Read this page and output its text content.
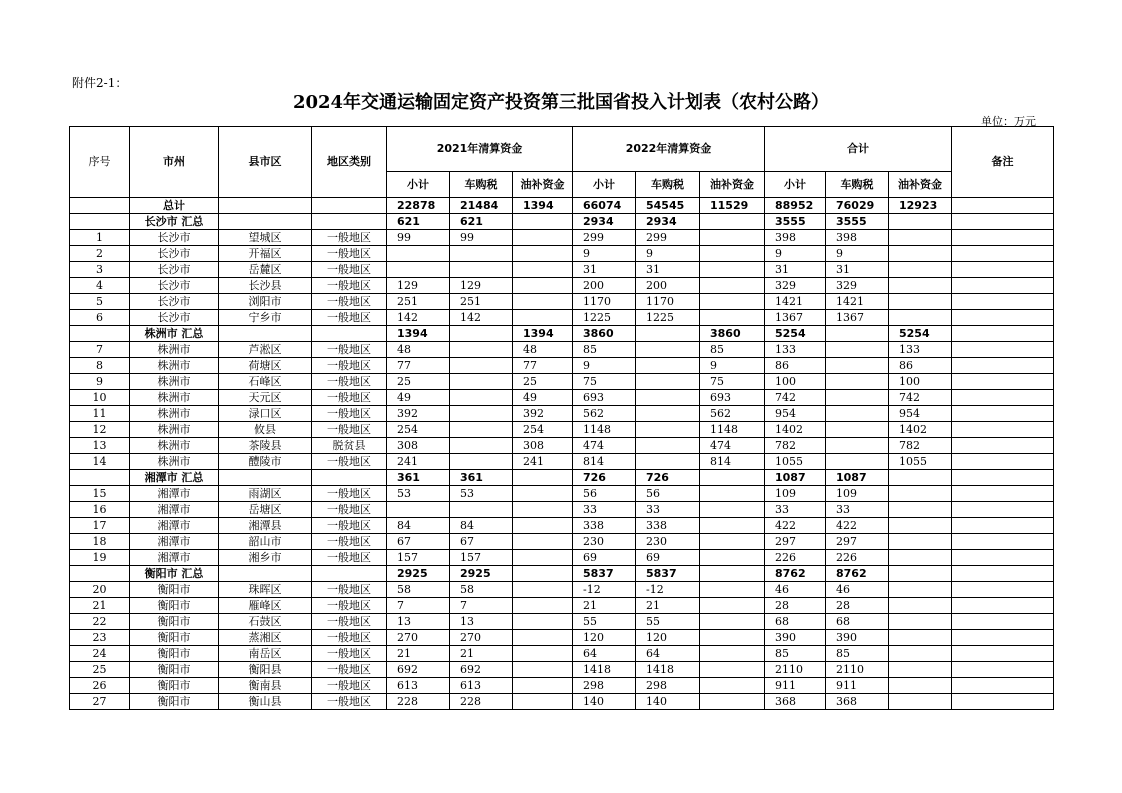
附件2-1：
2024年交通运输固定资产投资第三批国省投入计划表（农村公路）
单位：万元
序号	市州	县市区	地区类别	2021年清算资金			2022年清算资金			合计			备注
				小计	车购税	油补资金	小计	车购税	油补资金	小计	车购税	油补资金	
	总计			22878	21484	1394	66074	54545	11529	88952	76029	12923	
	长沙市 汇总			621	621		2934	2934		3555	3555		
1	长沙市	望城区	一般地区	99	99		299	299		398	398		
2	长沙市	开福区	一般地区				9	9		9	9		
3	长沙市	岳麓区	一般地区				31	31		31	31		
4	长沙市	长沙县	一般地区	129	129		200	200		329	329		
5	长沙市	浏阳市	一般地区	251	251		1170	1170		1421	1421		
6	长沙市	宁乡市	一般地区	142	142		1225	1225		1367	1367		
	株洲市 汇总			1394		1394	3860		3860	5254		5254	
7	株洲市	芦淞区	一般地区	48		48	85		85	133		133	
8	株洲市	荷塘区	一般地区	77		77	9		9	86		86	
9	株洲市	石峰区	一般地区	25		25	75		75	100		100	
10	株洲市	天元区	一般地区	49		49	693		693	742		742	
11	株洲市	渌口区	一般地区	392		392	562		562	954		954	
12	株洲市	攸县	一般地区	254		254	1148		1148	1402		1402	
13	株洲市	茶陵县	脱贫县	308		308	474		474	782		782	
14	株洲市	醴陵市	一般地区	241		241	814		814	1055		1055	
	湘潭市 汇总			361	361		726	726		1087	1087		
15	湘潭市	雨湖区	一般地区	53	53		56	56		109	109		
16	湘潭市	岳塘区	一般地区				33	33		33	33		
17	湘潭市	湘潭县	一般地区	84	84		338	338		422	422		
18	湘潭市	韶山市	一般地区	67	67		230	230		297	297		
19	湘潭市	湘乡市	一般地区	157	157		69	69		226	226		
	衡阳市 汇总			2925	2925		5837	5837		8762	8762		
20	衡阳市	珠晖区	一般地区	58	58		-12	-12		46	46		
21	衡阳市	雁峰区	一般地区	7	7		21	21		28	28		
22	衡阳市	石鼓区	一般地区	13	13		55	55		68	68		
23	衡阳市	蒸湘区	一般地区	270	270		120	120		390	390		
24	衡阳市	南岳区	一般地区	21	21		64	64		85	85		
25	衡阳市	衡阳县	一般地区	692	692		1418	1418		2110	2110		
26	衡阳市	衡南县	一般地区	613	613		298	298		911	911		
27	衡阳市	衡山县	一般地区	228	228		140	140		368	368		
